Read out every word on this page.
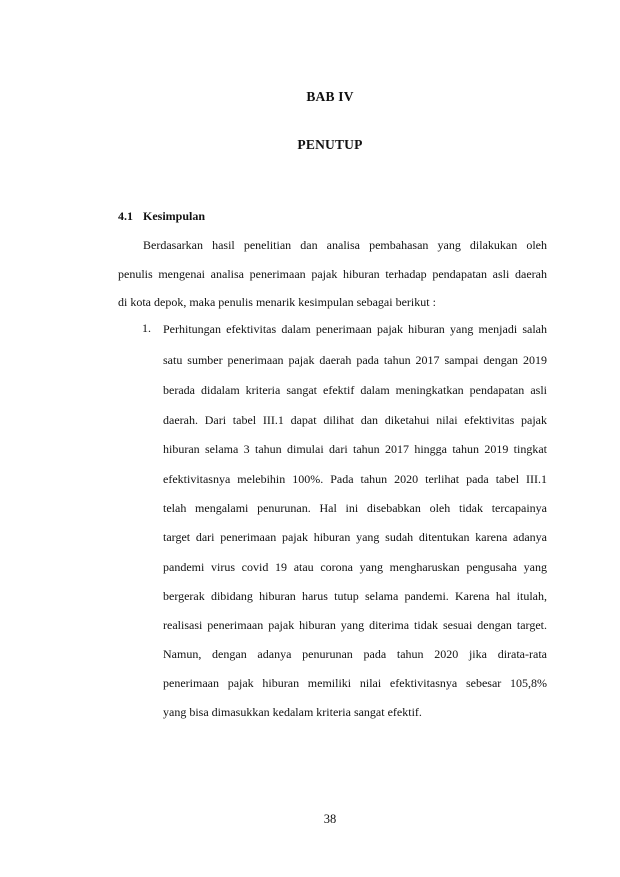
BAB IV
PENUTUP
4.1 Kesimpulan
Berdasarkan hasil penelitian dan analisa pembahasan yang dilakukan oleh
penulis mengenai analisa penerimaan pajak hiburan terhadap pendapatan asli daerah
di kota depok, maka penulis menarik kesimpulan sebagai berikut :
1. Perhitungan efektivitas dalam penerimaan pajak hiburan yang menjadi salah
satu sumber penerimaan pajak daerah pada tahun 2017 sampai dengan 2019
berada didalam kriteria sangat efektif dalam meningkatkan pendapatan asli
daerah. Dari tabel III.1 dapat dilihat dan diketahui nilai efektivitas pajak
hiburan selama 3 tahun dimulai dari tahun 2017 hingga tahun 2019 tingkat
efektivitasnya melebihin 100%. Pada tahun 2020 terlihat pada tabel III.1
telah mengalami penurunan. Hal ini disebabkan oleh tidak tercapainya
target dari penerimaan pajak hiburan yang sudah ditentukan karena adanya
pandemi virus covid 19 atau corona yang mengharuskan pengusaha yang
bergerak dibidang hiburan harus tutup selama pandemi. Karena hal itulah,
realisasi penerimaan pajak hiburan yang diterima tidak sesuai dengan target.
Namun, dengan adanya penurunan pada tahun 2020 jika dirata-rata
penerimaan pajak hiburan memiliki nilai efektivitasnya sebesar 105,8%
yang bisa dimasukkan kedalam kriteria sangat efektif.
38
